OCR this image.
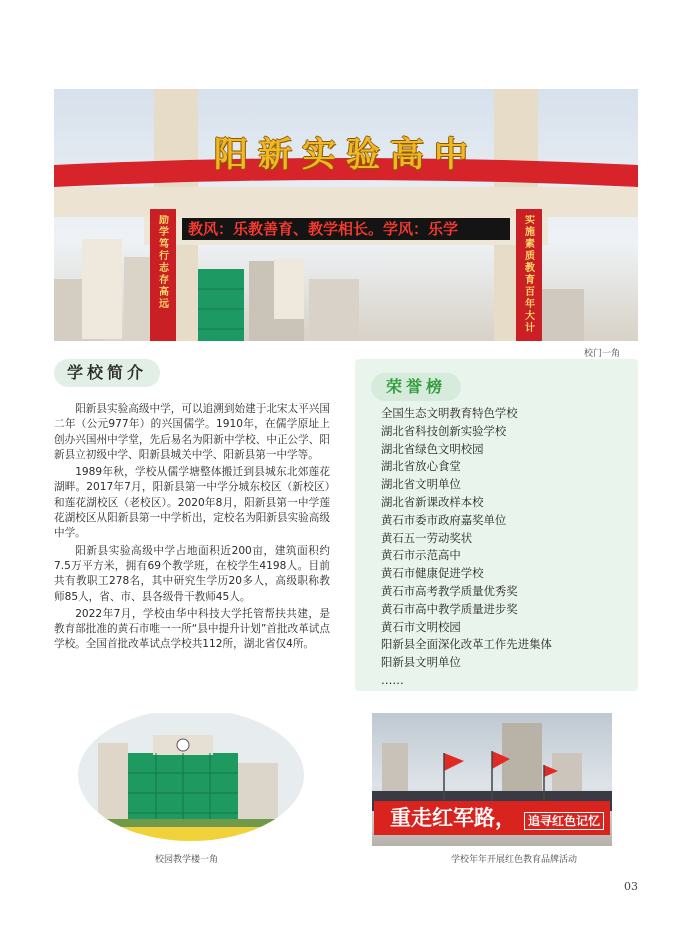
阳新实验高中
教风：乐教善育、教学相长。学风：乐学
励学笃行志存高远
实施素质教育百年大计
校门一角
学校简介

阳新县实验高级中学，可以追溯到始建于北宋太平兴国二年（公元977年）的兴国儒学。1910年，在儒学原址上创办兴国州中学堂，先后易名为阳新中学校、中正公学、阳新县立初级中学、阳新县城关中学、阳新县第一中学等。

1989年秋，学校从儒学塘整体搬迁到县城东北郊莲花湖畔。2017年7月，阳新县第一中学分城东校区（新校区）和莲花湖校区（老校区）。2020年8月，阳新县第一中学莲花湖校区从阳新县第一中学析出，定校名为阳新县实验高级中学。

阳新县实验高级中学占地面积近200亩，建筑面积约7.5万平方米，拥有69个教学班，在校学生4198人。目前共有教职工278名，其中研究生学历20多人，高级职称教师85人，省、市、县各级骨干教师45人。

2022年7月，学校由华中科技大学托管帮扶共建，是教育部批准的黄石市唯一一所“县中提升计划”首批改革试点学校。全国首批改革试点学校共112所，湖北省仅4所。

荣誉榜
全国生态文明教育特色学校
湖北省科技创新实验学校
湖北省绿色文明校园
湖北省放心食堂
湖北省文明单位
湖北省新课改样本校
黄石市委市政府嘉奖单位
黄石五一劳动奖状
黄石市示范高中
黄石市健康促进学校
黄石市高考教学质量优秀奖
黄石市高中教学质量进步奖
黄石市文明校园
阳新县全面深化改革工作先进集体
阳新县文明单位
……
校园教学楼一角
重走红军路， 追寻红色记忆
学校年年开展红色教育品牌活动
03
